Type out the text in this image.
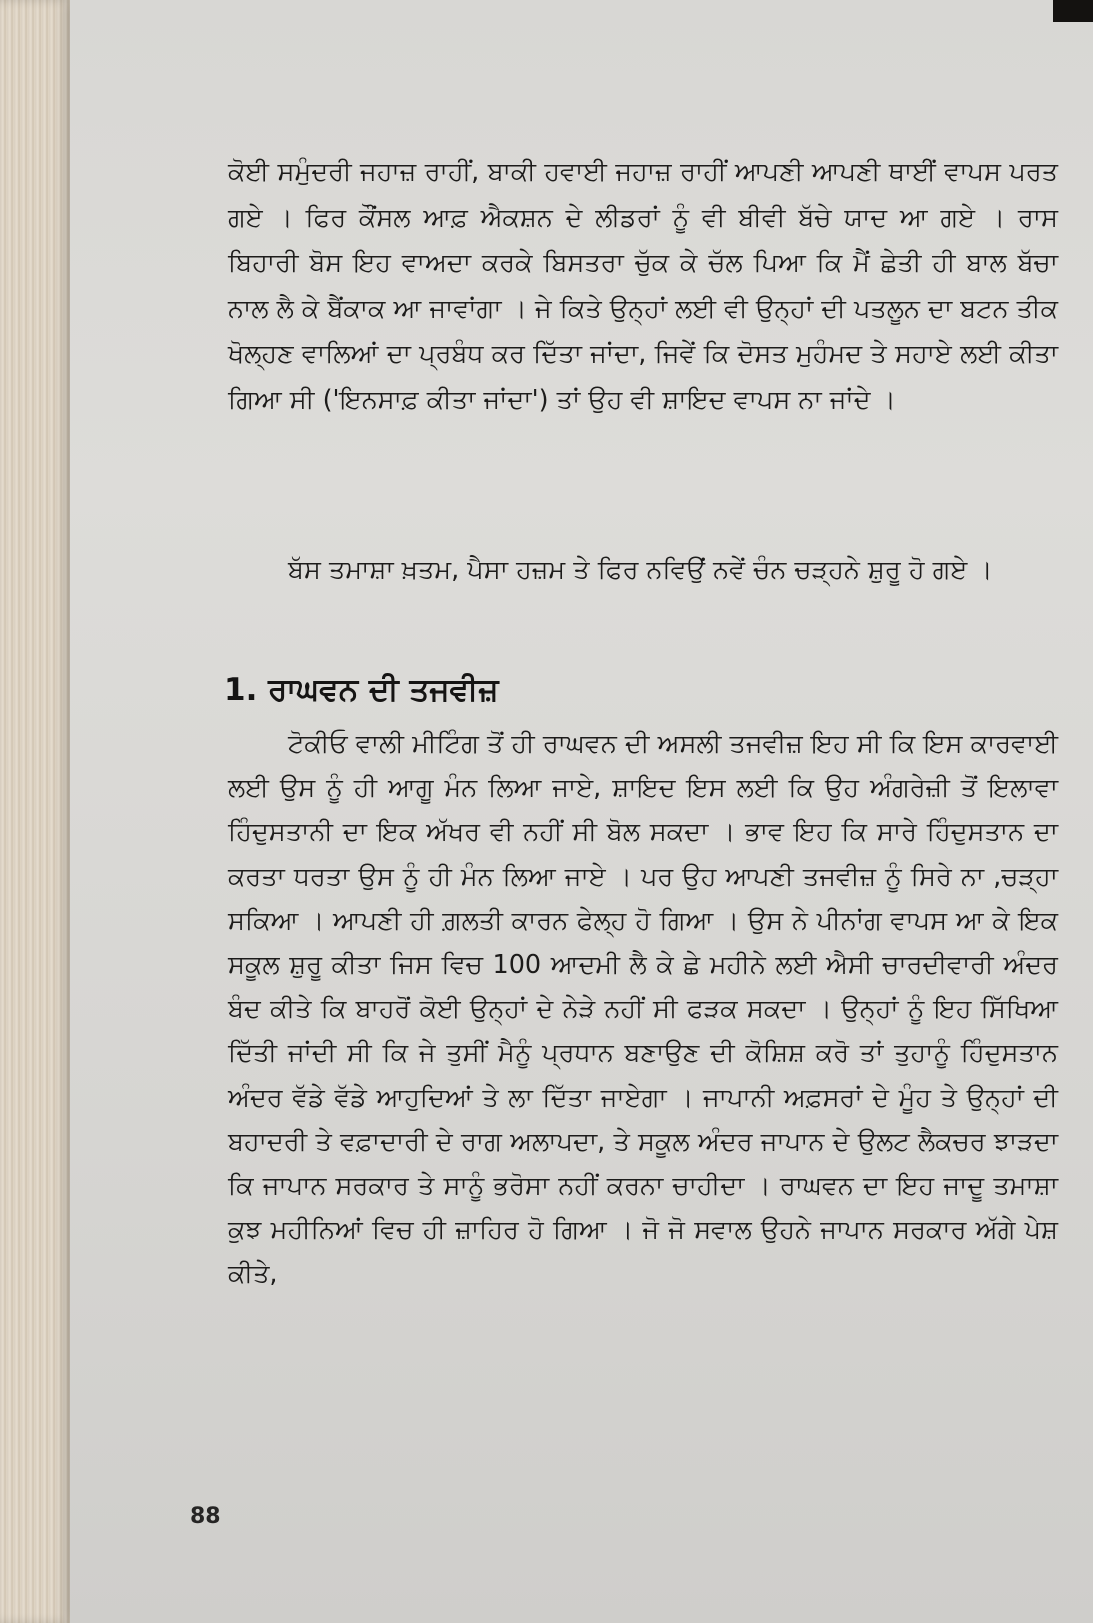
ਕੋਈ ਸਮੁੰਦਰੀ ਜਹਾਜ਼ ਰਾਹੀਂ, ਬਾਕੀ ਹਵਾਈ ਜਹਾਜ਼ ਰਾਹੀਂ ਆਪਣੀ ਆਪਣੀ ਥਾਈਂ ਵਾਪਸ ਪਰਤ ਗਏ । ਫਿਰ ਕੌਂਸਲ ਆਫ਼ ਐਕਸ਼ਨ ਦੇ ਲੀਡਰਾਂ ਨੂੰ ਵੀ ਬੀਵੀ ਬੱਚੇ ਯਾਦ ਆ ਗਏ । ਰਾਸ ਬਿਹਾਰੀ ਬੋਸ ਇਹ ਵਾਅਦਾ ਕਰਕੇ ਬਿਸਤਰਾ ਚੁੱਕ ਕੇ ਚੱਲ ਪਿਆ ਕਿ ਮੈਂ ਛੇਤੀ ਹੀ ਬਾਲ ਬੱਚਾ ਨਾਲ ਲੈ ਕੇ ਬੈਂਕਾਕ ਆ ਜਾਵਾਂਗਾ । ਜੇ ਕਿਤੇ ਉਨ੍ਹਾਂ ਲਈ ਵੀ ਉਨ੍ਹਾਂ ਦੀ ਪਤਲੂਨ ਦਾ ਬਟਨ ਤੀਕ ਖੋਲ੍ਹਣ ਵਾਲਿਆਂ ਦਾ ਪ੍ਰਬੰਧ ਕਰ ਦਿੱਤਾ ਜਾਂਦਾ, ਜਿਵੇਂ ਕਿ ਦੋਸਤ ਮੁਹੰਮਦ ਤੇ ਸਹਾਏ ਲਈ ਕੀਤਾ ਗਿਆ ਸੀ ('ਇਨਸਾਫ਼ ਕੀਤਾ ਜਾਂਦਾ') ਤਾਂ ਉਹ ਵੀ ਸ਼ਾਇਦ ਵਾਪਸ ਨਾ ਜਾਂਦੇ ।

ਬੱਸ ਤਮਾਸ਼ਾ ਖ਼ਤਮ, ਪੈਸਾ ਹਜ਼ਮ ਤੇ ਫਿਰ ਨਵਿਉਂ ਨਵੇਂ ਚੰਨ ਚੜ੍ਹਨੇ ਸ਼ੁਰੂ ਹੋ ਗਏ ।

1. ਰਾਘਵਨ ਦੀ ਤਜਵੀਜ਼

ਟੋਕੀਓ ਵਾਲੀ ਮੀਟਿੰਗ ਤੋਂ ਹੀ ਰਾਘਵਨ ਦੀ ਅਸਲੀ ਤਜਵੀਜ਼ ਇਹ ਸੀ ਕਿ ਇਸ ਕਾਰਵਾਈ ਲਈ ਉਸ ਨੂੰ ਹੀ ਆਗੂ ਮੰਨ ਲਿਆ ਜਾਏ, ਸ਼ਾਇਦ ਇਸ ਲਈ ਕਿ ਉਹ ਅੰਗਰੇਜ਼ੀ ਤੋਂ ਇਲਾਵਾ ਹਿੰਦੁਸਤਾਨੀ ਦਾ ਇਕ ਅੱਖਰ ਵੀ ਨਹੀਂ ਸੀ ਬੋਲ ਸਕਦਾ । ਭਾਵ ਇਹ ਕਿ ਸਾਰੇ ਹਿੰਦੁਸਤਾਨ ਦਾ ਕਰਤਾ ਧਰਤਾ ਉਸ ਨੂੰ ਹੀ ਮੰਨ ਲਿਆ ਜਾਏ । ਪਰ ਉਹ ਆਪਣੀ ਤਜਵੀਜ਼ ਨੂੰ ਸਿਰੇ ਨਾ ,ਚੜ੍ਹਾ ਸਕਿਆ । ਆਪਣੀ ਹੀ ਗ਼ਲਤੀ ਕਾਰਨ ਫੇਲ੍ਹ ਹੋ ਗਿਆ । ਉਸ ਨੇ ਪੀਨਾਂਗ ਵਾਪਸ ਆ ਕੇ ਇਕ ਸਕੂਲ ਸ਼ੁਰੂ ਕੀਤਾ ਜਿਸ ਵਿਚ 100 ਆਦਮੀ ਲੈ ਕੇ ਛੇ ਮਹੀਨੇ ਲਈ ਐਸੀ ਚਾਰਦੀਵਾਰੀ ਅੰਦਰ ਬੰਦ ਕੀਤੇ ਕਿ ਬਾਹਰੋਂ ਕੋਈ ਉਨ੍ਹਾਂ ਦੇ ਨੇੜੇ ਨਹੀਂ ਸੀ ਫੜਕ ਸਕਦਾ । ਉਨ੍ਹਾਂ ਨੂੰ ਇਹ ਸਿੱਖਿਆ ਦਿੱਤੀ ਜਾਂਦੀ ਸੀ ਕਿ ਜੇ ਤੁਸੀਂ ਮੈਨੂੰ ਪ੍ਰਧਾਨ ਬਣਾਉਣ ਦੀ ਕੋਸ਼ਿਸ਼ ਕਰੋ ਤਾਂ ਤੁਹਾਨੂੰ ਹਿੰਦੁਸਤਾਨ ਅੰਦਰ ਵੱਡੇ ਵੱਡੇ ਆਹੁਦਿਆਂ ਤੇ ਲਾ ਦਿੱਤਾ ਜਾਏਗਾ । ਜਾਪਾਨੀ ਅਫ਼ਸਰਾਂ ਦੇ ਮੂੰਹ ਤੇ ਉਨ੍ਹਾਂ ਦੀ ਬਹਾਦਰੀ ਤੇ ਵਫ਼ਾਦਾਰੀ ਦੇ ਰਾਗ ਅਲਾਪਦਾ, ਤੇ ਸਕੂਲ ਅੰਦਰ ਜਾਪਾਨ ਦੇ ਉਲਟ ਲੈਕਚਰ ਝਾੜਦਾ ਕਿ ਜਾਪਾਨ ਸਰਕਾਰ ਤੇ ਸਾਨੂੰ ਭਰੋਸਾ ਨਹੀਂ ਕਰਨਾ ਚਾਹੀਦਾ । ਰਾਘਵਨ ਦਾ ਇਹ ਜਾਦੂ ਤਮਾਸ਼ਾ ਕੁਝ ਮਹੀਨਿਆਂ ਵਿਚ ਹੀ ਜ਼ਾਹਿਰ ਹੋ ਗਿਆ । ਜੋ ਜੋ ਸਵਾਲ ਉਹਨੇ ਜਾਪਾਨ ਸਰਕਾਰ ਅੱਗੇ ਪੇਸ਼ ਕੀਤੇ,

88
